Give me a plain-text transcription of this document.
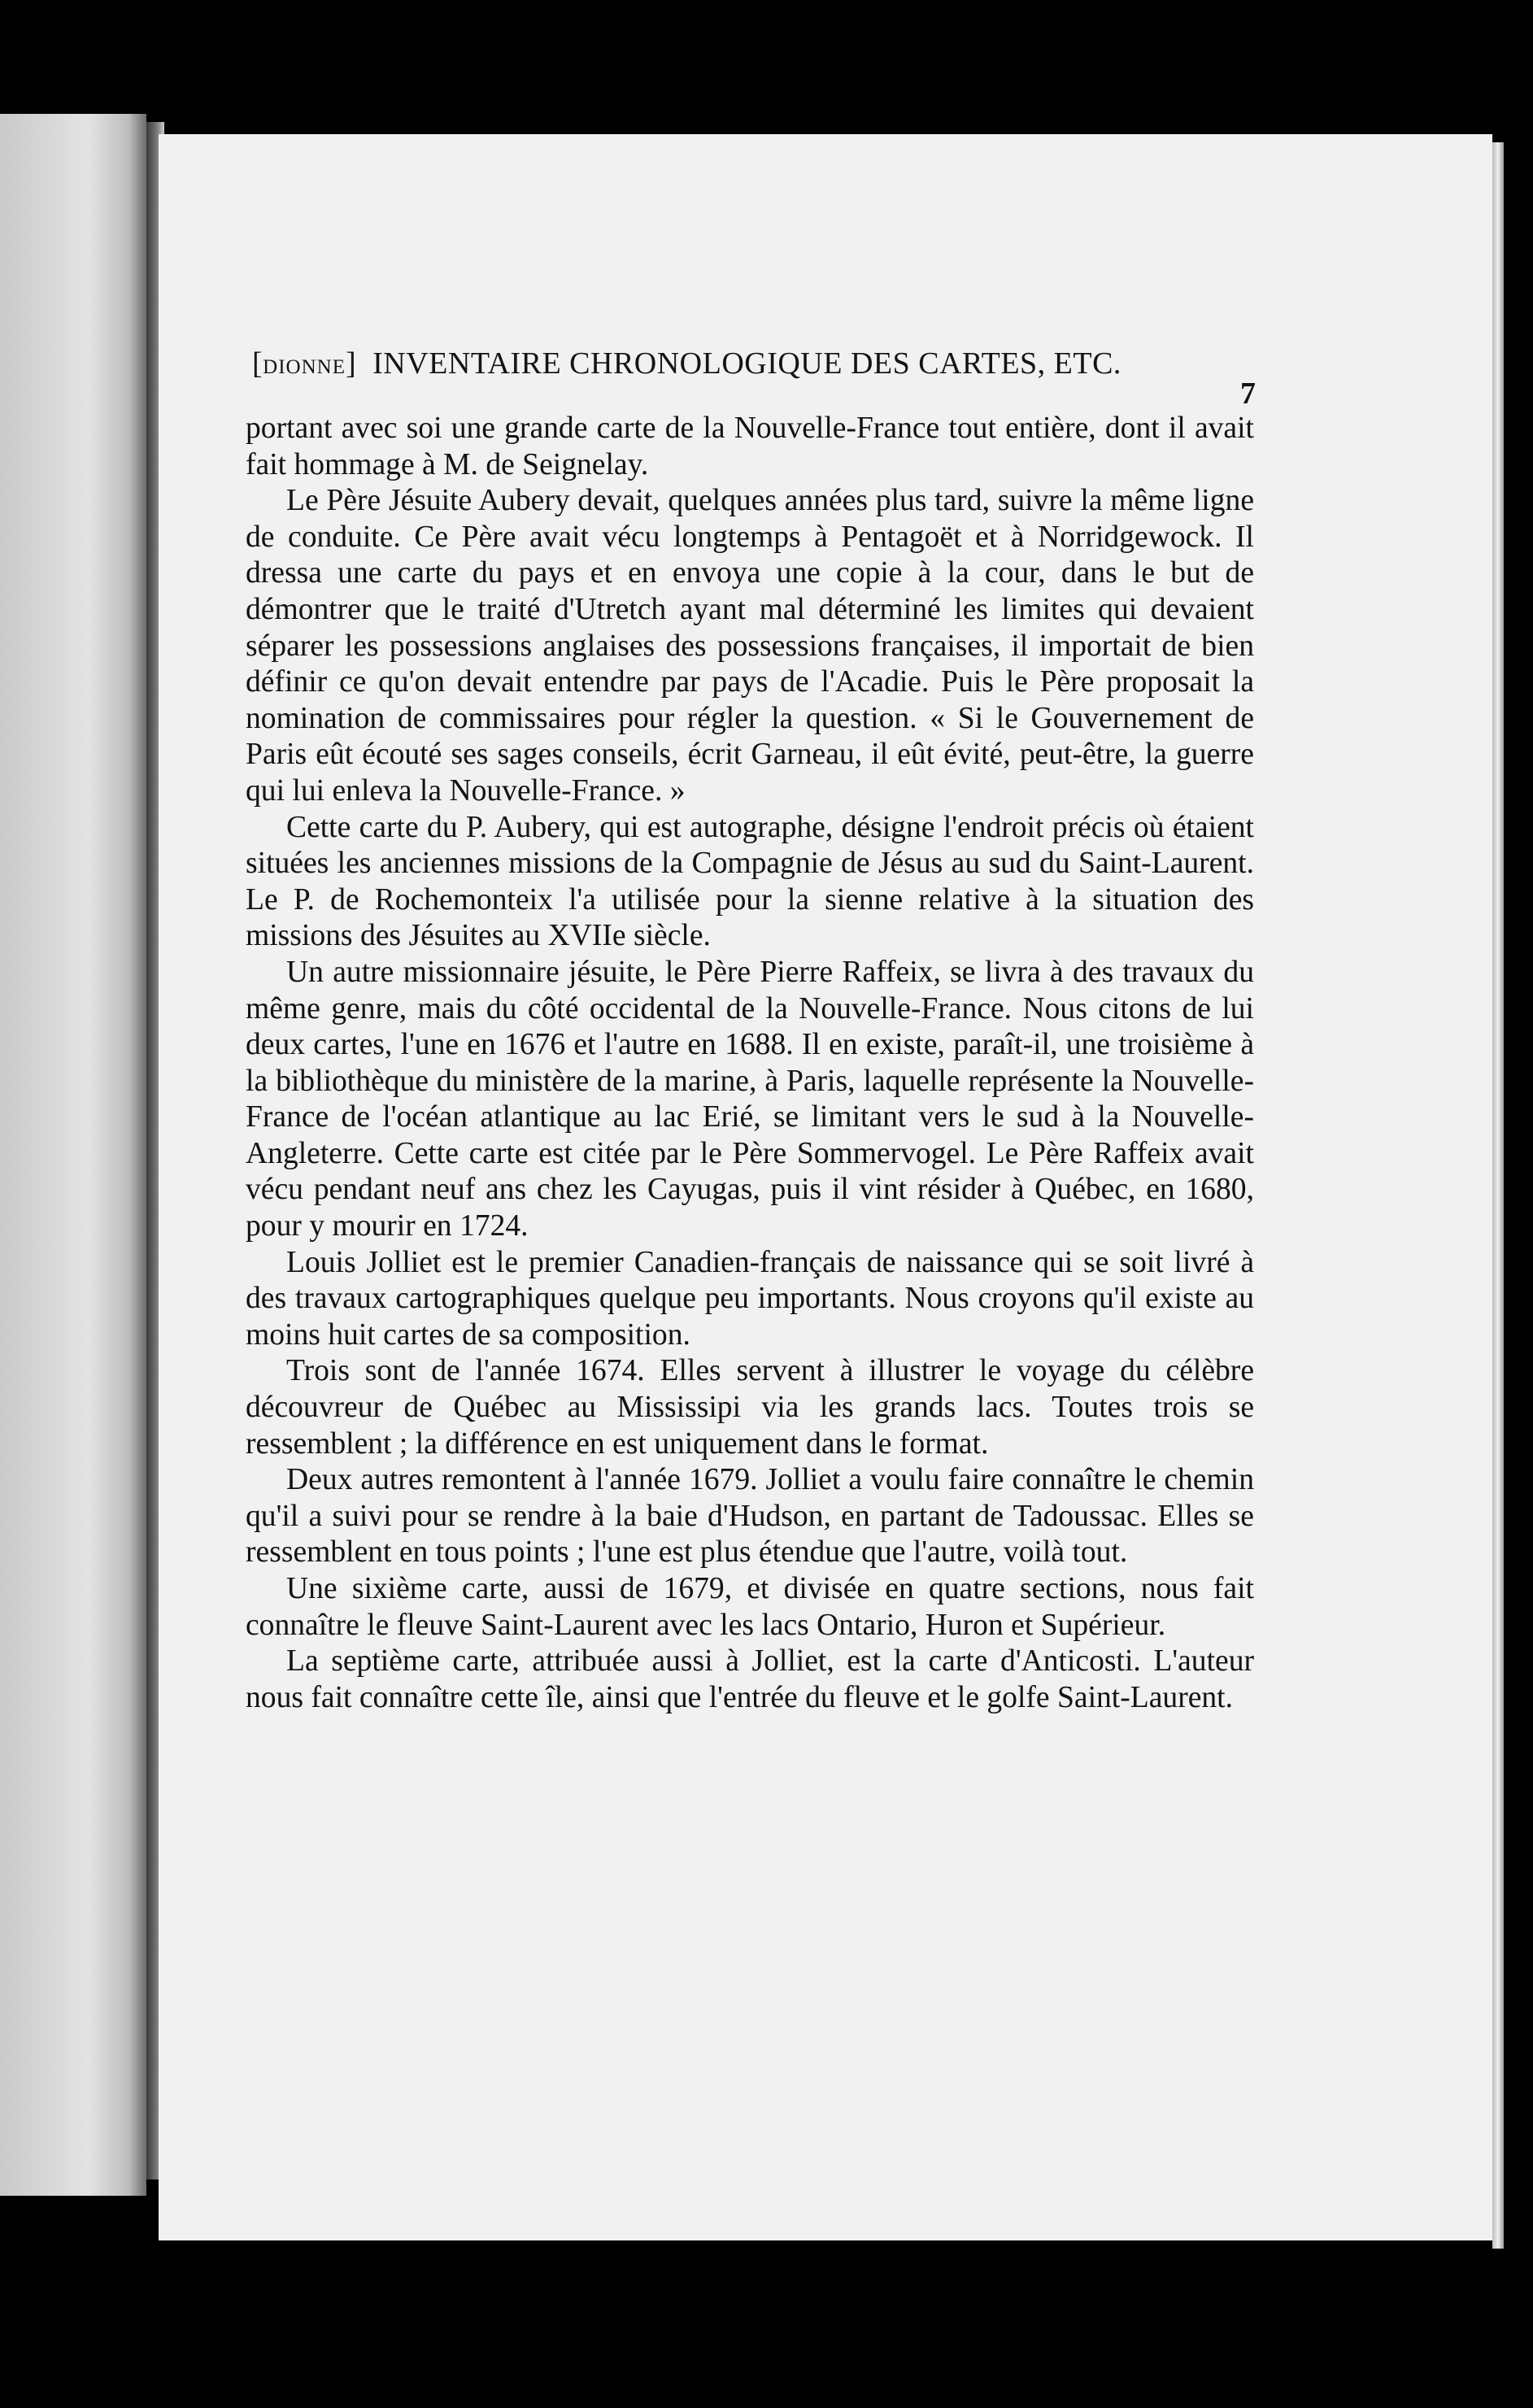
[DIONNE]  INVENTAIRE CHRONOLOGIQUE DES CARTES, ETC.
7

portant avec soi une grande carte de la Nouvelle-France tout entière, dont il avait fait hommage à M. de Seignelay.

Le Père Jésuite Aubery devait, quelques années plus tard, suivre la même ligne de conduite. Ce Père avait vécu longtemps à Pentagoët et à Norridgewock. Il dressa une carte du pays et en envoya une copie à la cour, dans le but de démontrer que le traité d'Utretch ayant mal déterminé les limites qui devaient séparer les possessions anglaises des possessions françaises, il importait de bien définir ce qu'on devait entendre par pays de l'Acadie. Puis le Père proposait la nomination de commissaires pour régler la question. « Si le Gouvernement de Paris eût écouté ses sages conseils, écrit Garneau, il eût évité, peut-être, la guerre qui lui enleva la Nouvelle-France. »

Cette carte du P. Aubery, qui est autographe, désigne l'endroit précis où étaient situées les anciennes missions de la Compagnie de Jésus au sud du Saint-Laurent. Le P. de Rochemonteix l'a utilisée pour la sienne relative à la situation des missions des Jésuites au XVIIe siècle.

Un autre missionnaire jésuite, le Père Pierre Raffeix, se livra à des travaux du même genre, mais du côté occidental de la Nouvelle-France. Nous citons de lui deux cartes, l'une en 1676 et l'autre en 1688. Il en existe, paraît-il, une troisième à la bibliothèque du ministère de la marine, à Paris, laquelle représente la Nouvelle-France de l'océan atlantique au lac Erié, se limitant vers le sud à la Nouvelle-Angleterre. Cette carte est citée par le Père Sommervogel. Le Père Raffeix avait vécu pendant neuf ans chez les Cayugas, puis il vint résider à Québec, en 1680, pour y mourir en 1724.

Louis Jolliet est le premier Canadien-français de naissance qui se soit livré à des travaux cartographiques quelque peu importants. Nous croyons qu'il existe au moins huit cartes de sa composition.

Trois sont de l'année 1674. Elles servent à illustrer le voyage du célèbre découvreur de Québec au Mississipi via les grands lacs. Toutes trois se ressemblent ; la différence en est uniquement dans le format.

Deux autres remontent à l'année 1679. Jolliet a voulu faire connaître le chemin qu'il a suivi pour se rendre à la baie d'Hudson, en partant de Tadoussac. Elles se ressemblent en tous points ; l'une est plus étendue que l'autre, voilà tout.

Une sixième carte, aussi de 1679, et divisée en quatre sections, nous fait connaître le fleuve Saint-Laurent avec les lacs Ontario, Huron et Supérieur.

La septième carte, attribuée aussi à Jolliet, est la carte d'Anticosti. L'auteur nous fait connaître cette île, ainsi que l'entrée du fleuve et le golfe Saint-Laurent.
